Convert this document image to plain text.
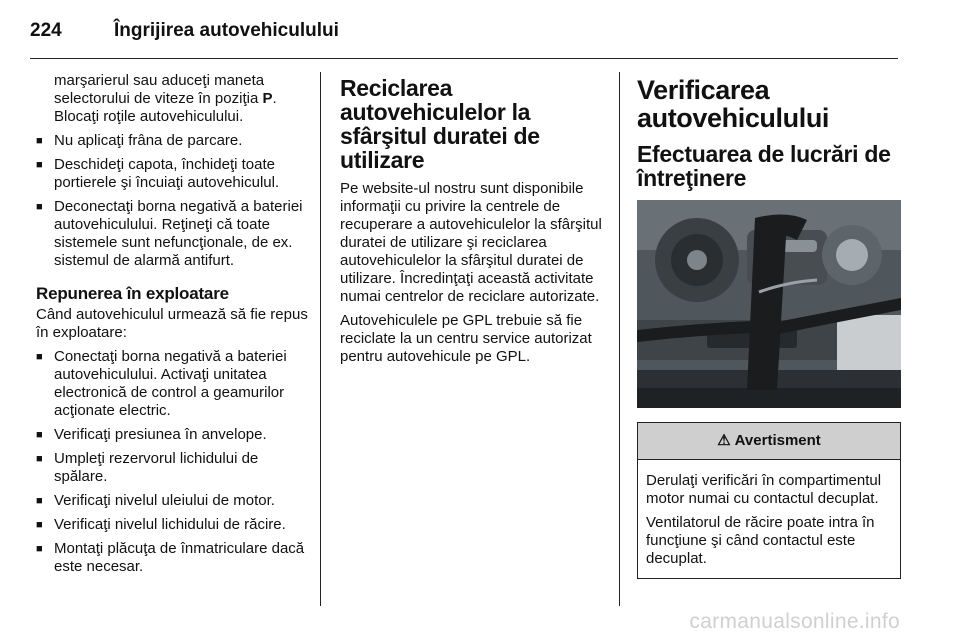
224	Îngrijirea autovehiculului

marşarierul sau aduceţi maneta selectorului de viteze în poziţia P. Blocaţi roţile autovehiculului.

■ Nu aplicaţi frâna de parcare.
■ Deschideţi capota, închideţi toate portierele şi încuiaţi autovehiculul.
■ Deconectaţi borna negativă a bateriei autovehiculului. Reţineţi că toate sistemele sunt nefuncţionale, de ex. sistemul de alarmă antifurt.
Repunerea în exploatare

Când autovehiculul urmează să fie repus în exploatare:

■ Conectaţi borna negativă a bateriei autovehiculului. Activaţi unitatea electronică de control a geamurilor acţionate electric.
■ Verificaţi presiunea în anvelope.
■ Umpleţi rezervorul lichidului de spălare.
■ Verificaţi nivelul uleiului de motor.
■ Verificaţi nivelul lichidului de răcire.
■ Montaţi plăcuţa de înmatriculare dacă este necesar.
Reciclarea autovehiculelor la sfârşitul duratei de utilizare

Pe website-ul nostru sunt disponibile informaţii cu privire la centrele de recuperare a autovehiculelor la sfârşitul duratei de utilizare şi reciclarea autovehiculelor la sfârşitul duratei de utilizare. Încredinţaţi această activitate numai centrelor de reciclare autorizate.

Autovehiculele pe GPL trebuie să fie reciclate la un centru service autorizat pentru autovehicule pe GPL.

Verificarea autovehiculului
Efectuarea de lucrări de întreţinere
⚠ Avertisment

Derulaţi verificări în compartimentul motor numai cu contactul decuplat.

Ventilatorul de răcire poate intra în funcţiune şi când contactul este decuplat.

carmanualsonline.info
